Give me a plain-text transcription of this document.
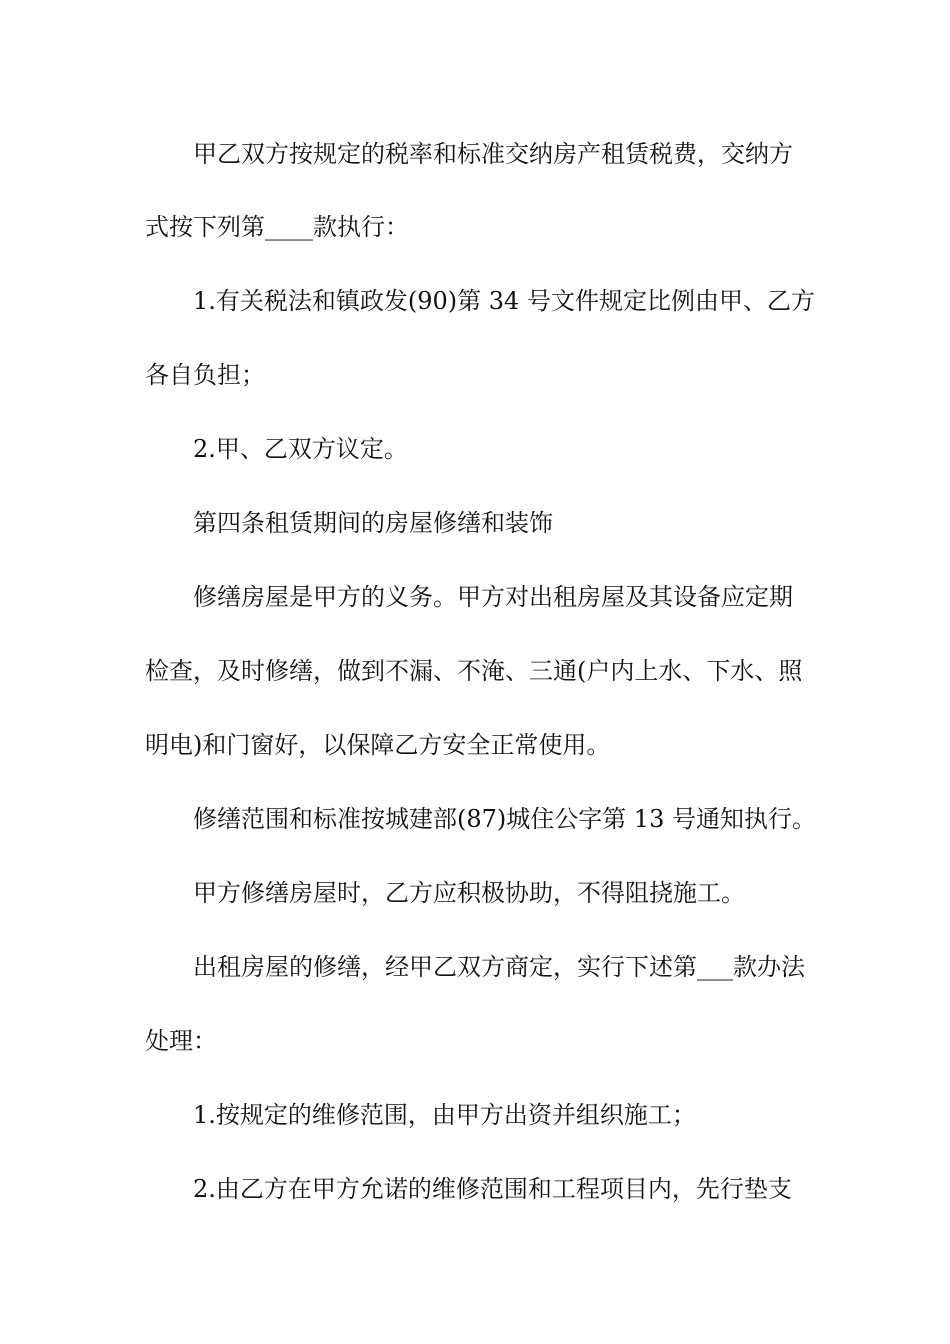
甲乙双方按规定的税率和标准交纳房产租赁税费，交纳方
式按下列第____款执行：
1.有关税法和镇政发(90)第 34 号文件规定比例由甲、乙方
各自负担；
2.甲、乙双方议定。
第四条租赁期间的房屋修缮和装饰
修缮房屋是甲方的义务。甲方对出租房屋及其设备应定期
检查，及时修缮，做到不漏、不淹、三通(户内上水、下水、照
明电)和门窗好，以保障乙方安全正常使用。
修缮范围和标准按城建部(87)城住公字第 13 号通知执行。
甲方修缮房屋时，乙方应积极协助，不得阻挠施工。
出租房屋的修缮，经甲乙双方商定，实行下述第___款办法
处理：
1.按规定的维修范围，由甲方出资并组织施工；
2.由乙方在甲方允诺的维修范围和工程项目内，先行垫支
